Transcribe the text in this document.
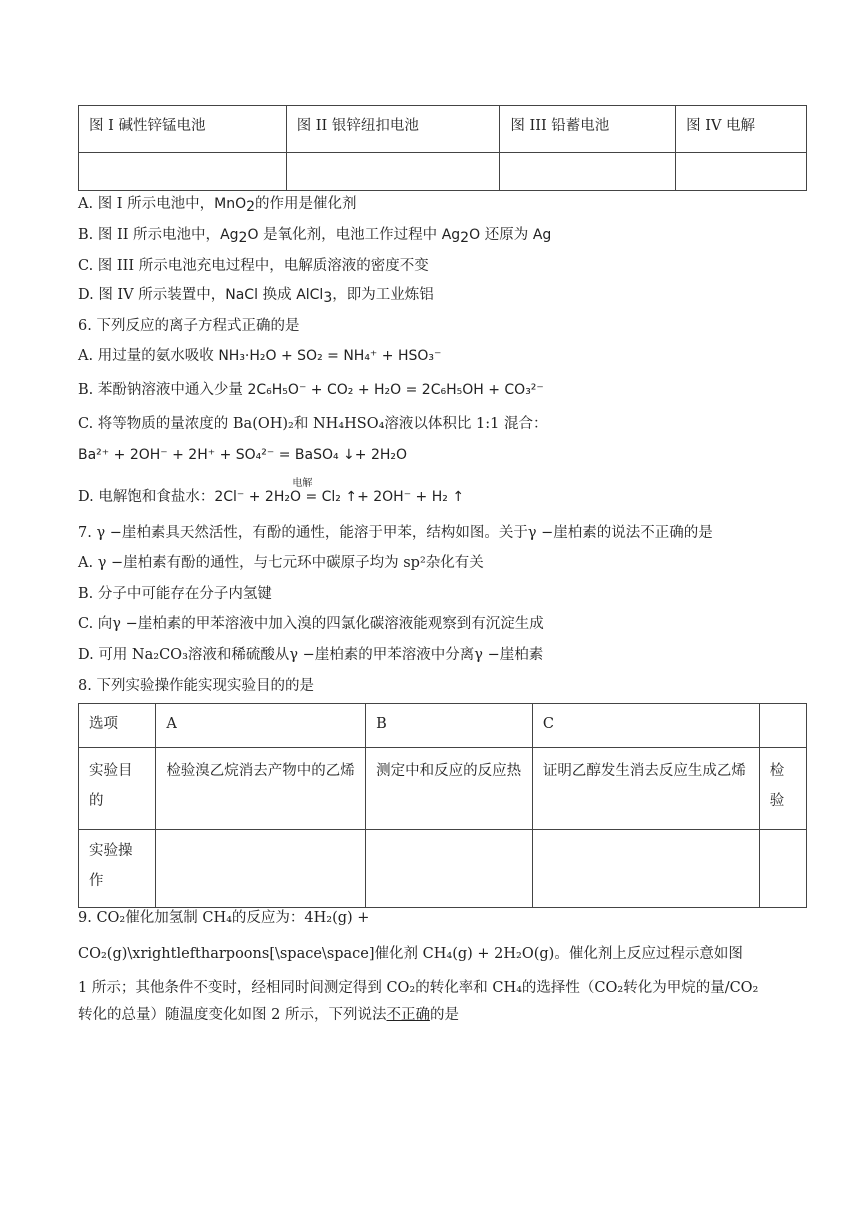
图 I 碱性锌锰电池	图 II 银锌纽扣电池	图 III 铅蓄电池	图 IV 电解

A. 图 I 所示电池中，MnO$_2$的作用是催化剂
B. 图 II 所示电池中，$Ag_2O$ 是氧化剂，电池工作过程中 $Ag_2O$ 还原为 Ag
C. 图 III 所示电池充电过程中，电解质溶液的密度不变
D. 图 IV 所示装置中，NaCl 换成 AlCl$_3$，即为工业炼铝
6. 下列反应的离子方程式正确的是
A. 用过量的氨水吸收 NH₃·H₂O + SO₂ = NH₄⁺ + HSO₃⁻
B. 苯酚钠溶液中通入少量 2C₆H₅O⁻ + CO₂ + H₂O = 2C₆H₅OH + CO₃²⁻
C. 将等物质的量浓度的 Ba(OH)₂和 NH₄HSO₄溶液以体积比 1:1 混合：
Ba²⁺ + 2OH⁻ + 2H⁺ + SO₄²⁻ = BaSO₄ ↓+ 2H₂O
D. 电解饱和食盐水：
电解
2Cl⁻ + 2H₂O = Cl₂ ↑+ 2OH⁻ + H₂ ↑
7. γ −崖柏素具天然活性，有酚的通性，能溶于甲苯，结构如图。关于γ −崖柏素的说法不正确的是
A. γ −崖柏素有酚的通性，与七元环中碳原子均为 sp²杂化有关
B. 分子中可能存在分子内氢键
C. 向γ −崖柏素的甲苯溶液中加入溴的四氯化碳溶液能观察到有沉淀生成
D. 可用 Na₂CO₃溶液和稀硫酸从γ −崖柏素的甲苯溶液中分离γ −崖柏素
8. 下列实验操作能实现实验目的的是
选项	A	B	C	
实验目的	检验溴乙烷消去产物中的乙烯	测定中和反应的反应热	证明乙醇发生消去反应生成乙烯	检验
实验操作				
9. CO₂催化加氢制 CH₄的反应为：4H₂(g) +
CO₂(g)\xrightleftharpoons[\space\space]催化剂 CH₄(g) + 2H₂O(g)。催化剂上反应过程示意如图
1 所示；其他条件不变时，经相同时间测定得到 CO₂的转化率和 CH₄的选择性（CO₂转化为甲烷的量/CO₂
转化的总量）随温度变化如图 2 所示，下列说法不正确的是
